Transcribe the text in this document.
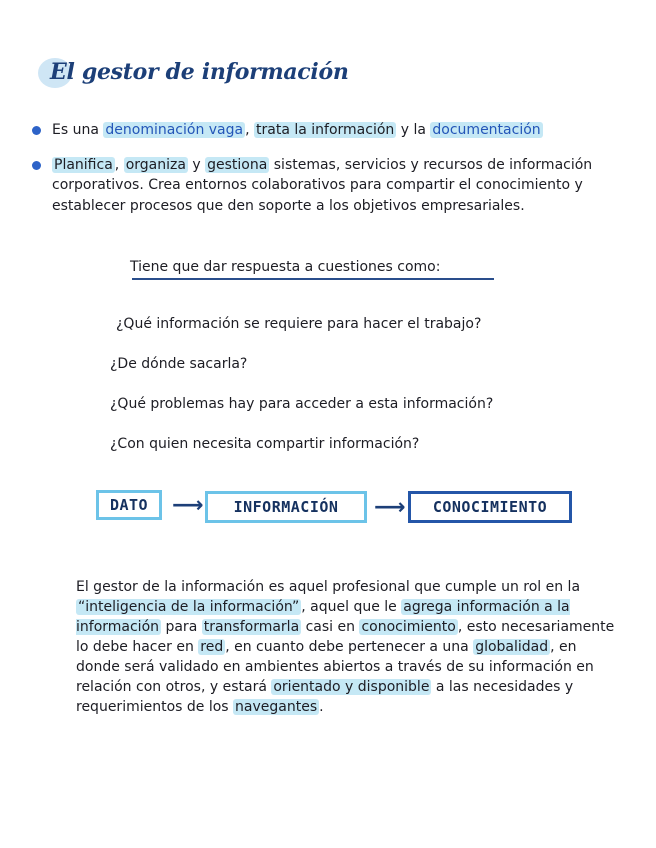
El gestor de información
Es una denominación vaga , trata la información y la documentación
Planifica , organiza y gestiona sistemas, servicios y recursos de información corporativos. Crea entornos colaborativos para compartir el conocimiento y establecer procesos que den soporte a los objetivos empresariales.
Tiene que dar respuesta a cuestiones como:
¿Qué información se requiere para hacer el trabajo?
¿De dónde sacarla?
¿Qué problemas hay para acceder a esta información?
¿Con quien necesita compartir información?
DATO	⟶	INFORMACIÓN	⟶	CONOCIMIENTO

El gestor de la información es aquel profesional que cumple un rol en la “inteligencia de la información” , aquel que le agrega información a la información para transformarla casi en conocimiento , esto necesariamente lo debe hacer en red , en cuanto debe pertenecer a una globalidad , en donde será validado en ambientes abiertos a través de su información en relación con otros, y estará orientado y disponible a las necesidades y requerimientos de los navegantes .
